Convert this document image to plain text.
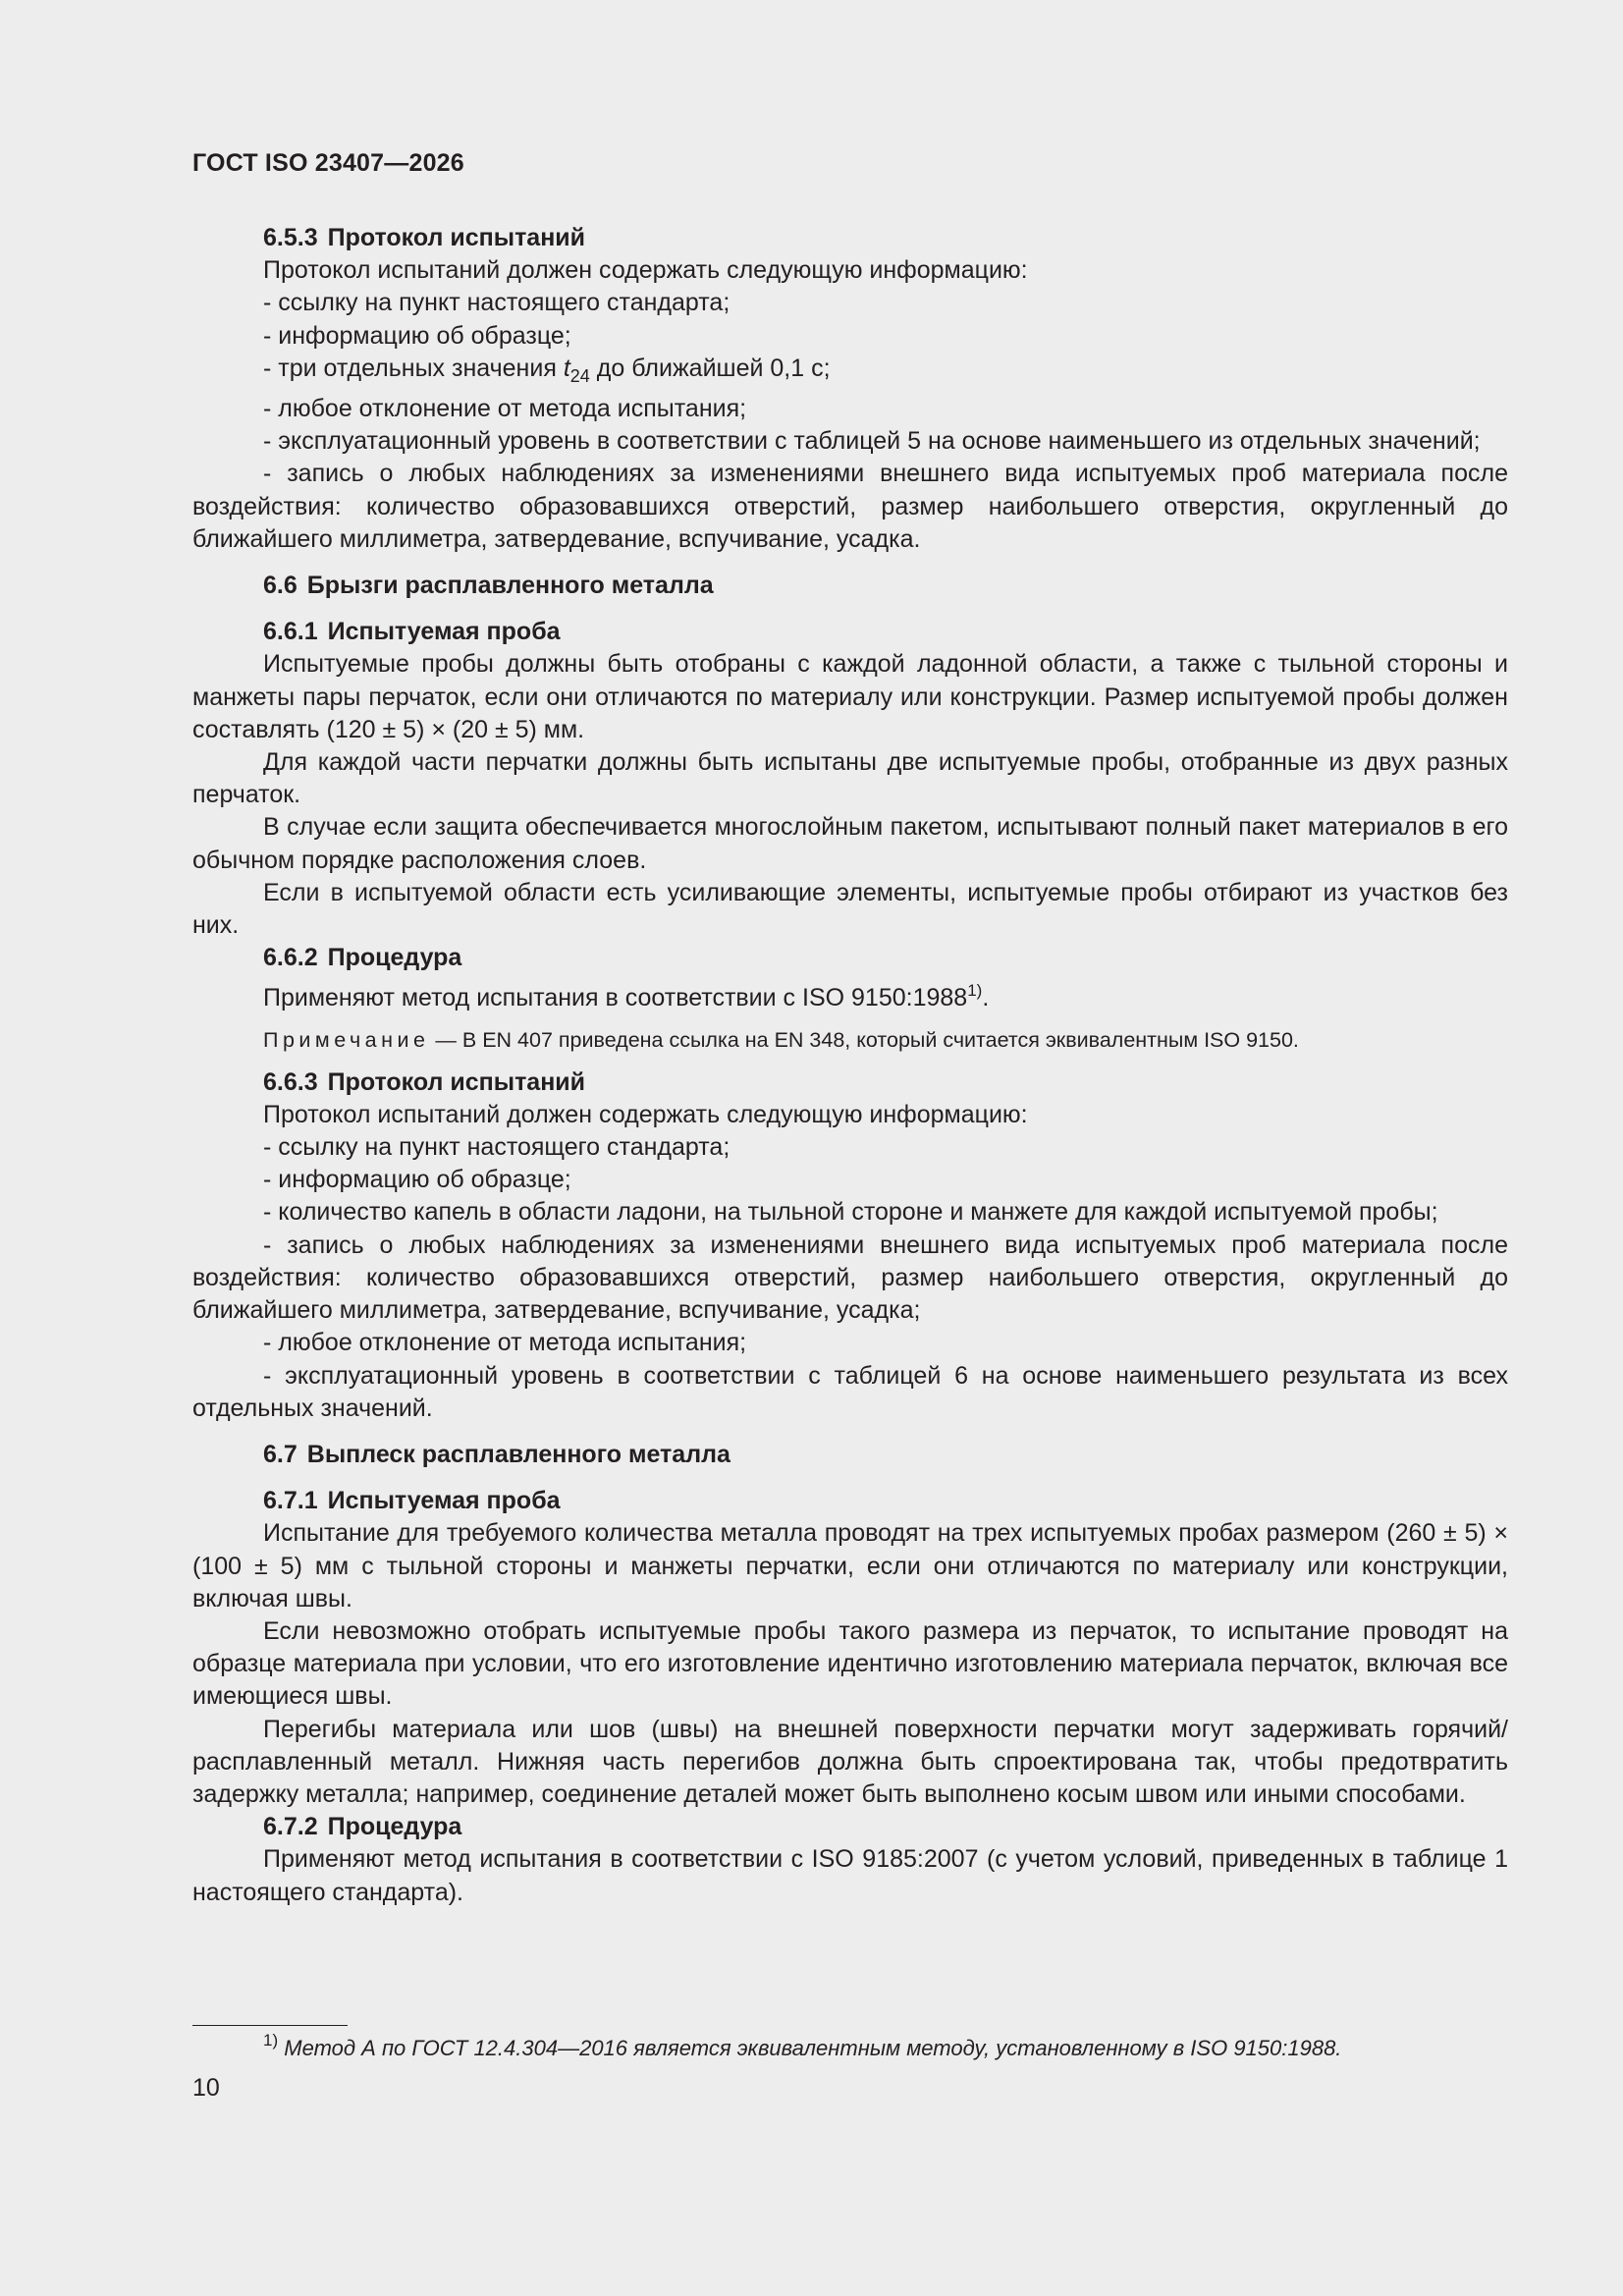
ГОСТ ISO 23407—2026
6.5.3 Протокол испытаний

Протокол испытаний должен содержать следующую информацию:

- ссылку на пункт настоящего стандарта;

- информацию об образце;

- три отдельных значения $t_{24}$ до ближайшей 0,1 с;

- любое отклонение от метода испытания;

- эксплуатационный уровень в соответствии с таблицей 5 на основе наименьшего из отдельных значений;

- запись о любых наблюдениях за изменениями внешнего вида испытуемых проб материала после воздействия: количество образовавшихся отверстий, размер наибольшего отверстия, округленный до ближайшего миллиметра, затвердевание, вспучивание, усадка.

6.6 Брызги расплавленного металла
6.6.1 Испытуемая проба

Испытуемые пробы должны быть отобраны с каждой ладонной области, а также с тыльной стороны и манжеты пары перчаток, если они отличаются по материалу или конструкции. Размер испытуемой пробы должен составлять (120 ± 5) × (20 ± 5) мм.

Для каждой части перчатки должны быть испытаны две испытуемые пробы, отобранные из двух разных перчаток.

В случае если защита обеспечивается многослойным пакетом, испытывают полный пакет материалов в его обычном порядке расположения слоев.

Если в испытуемой области есть усиливающие элементы, испытуемые пробы отбирают из участков без них.

6.6.2 Процедура

Применяют метод испытания в соответствии с ISO 9150:1988$^{1)}$.

Примечание — В EN 407 приведена ссылка на EN 348, который считается эквивалентным ISO 9150.
6.6.3 Протокол испытаний

Протокол испытаний должен содержать следующую информацию:

- ссылку на пункт настоящего стандарта;

- информацию об образце;

- количество капель в области ладони, на тыльной стороне и манжете для каждой испытуемой пробы;

- запись о любых наблюдениях за изменениями внешнего вида испытуемых проб материала после воздействия: количество образовавшихся отверстий, размер наибольшего отверстия, округленный до ближайшего миллиметра, затвердевание, вспучивание, усадка;

- любое отклонение от метода испытания;

- эксплуатационный уровень в соответствии с таблицей 6 на основе наименьшего результата из всех отдельных значений.

6.7 Выплеск расплавленного металла
6.7.1 Испытуемая проба

Испытание для требуемого количества металла проводят на трех испытуемых пробах размером (260 ± 5) × (100 ± 5) мм с тыльной стороны и манжеты перчатки, если они отличаются по материалу или конструкции, включая швы.

Если невозможно отобрать испытуемые пробы такого размера из перчаток, то испытание проводят на образце материала при условии, что его изготовление идентично изготовлению материала перчаток, включая все имеющиеся швы.

Перегибы материала или шов (швы) на внешней поверхности перчатки могут задерживать горячий/расплавленный металл. Нижняя часть перегибов должна быть спроектирована так, чтобы предотвратить задержку металла; например, соединение деталей может быть выполнено косым швом или иными способами.

6.7.2 Процедура

Применяют метод испытания в соответствии с ISO 9185:2007 (с учетом условий, приведенных в таблице 1 настоящего стандарта).

$^{1)}$ Метод А по ГОСТ 12.4.304—2016 является эквивалентным методу, установленному в ISO 9150:1988.
10
